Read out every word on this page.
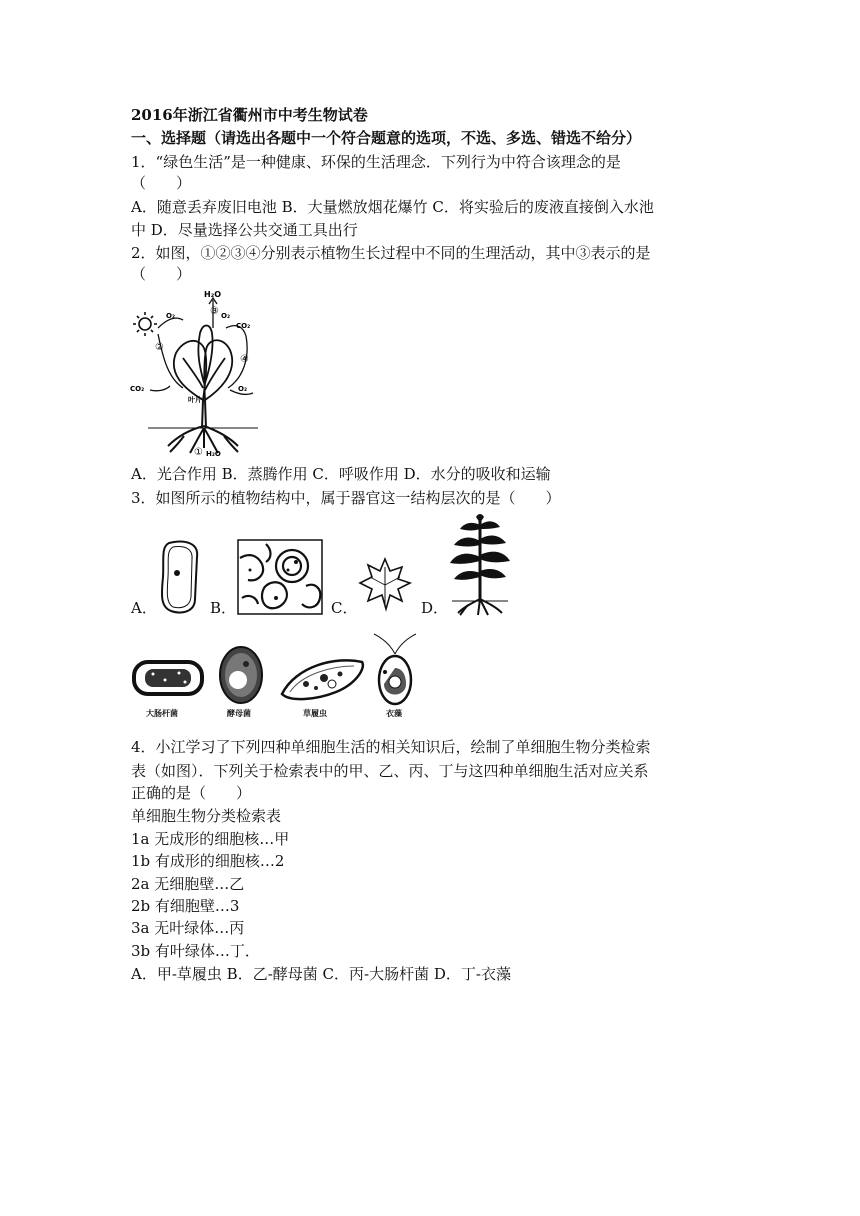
2016年浙江省衢州市中考生物试卷
一、选择题（请选出各题中一个符合题意的选项，不选、多选、错选不给分）
1．“绿色生活”是一种健康、环保的生活理念．下列行为中符合该理念的是
（　　）
A．随意丢弃废旧电池 B．大量燃放烟花爆竹 C．将实验后的废液直接倒入水池
中 D．尽量选择公共交通工具出行
2．如图，①②③④分别表示植物生长过程中不同的生理活动，其中③表示的是
（　　）
H₂O
③
O₂	O₂
CO₂
②
④
CO₂	O₂
叶片
① H₂O
A．光合作用 B．蒸腾作用 C．呼吸作用 D．水分的吸收和运输
3．如图所示的植物结构中，属于器官这一结构层次的是（　　）
A．	B．	C．	D．
大肠杆菌	酵母菌	草履虫	衣藻
4．小江学习了下列四种单细胞生活的相关知识后，绘制了单细胞生物分类检索
表（如图）．下列关于检索表中的甲、乙、丙、丁与这四种单细胞生活对应关系
正确的是（　　）
单细胞生物分类检索表
1a 无成形的细胞核…甲
1b 有成形的细胞核…2
2a 无细胞壁…乙
2b 有细胞壁…3
3a 无叶绿体…丙
3b 有叶绿体…丁．
A．甲-草履虫 B．乙-酵母菌 C．丙-大肠杆菌 D．丁-衣藻
